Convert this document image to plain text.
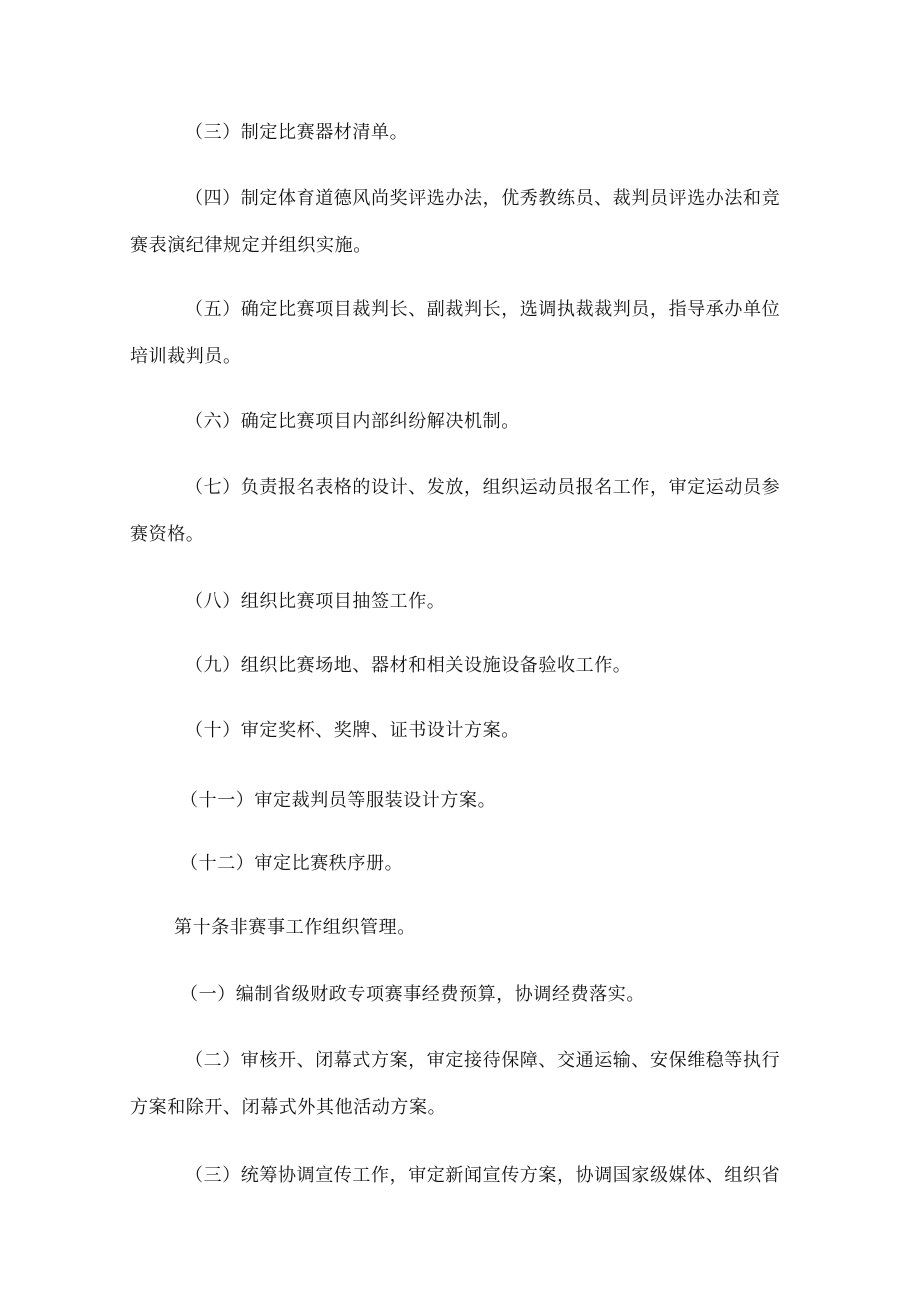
（三）制定比赛器材清单。
（四）制定体育道德风尚奖评选办法，优秀教练员、裁判员评选办法和竞
赛表演纪律规定并组织实施。
（五）确定比赛项目裁判长、副裁判长，选调执裁裁判员，指导承办单位
培训裁判员。
（六）确定比赛项目内部纠纷解决机制。
（七）负责报名表格的设计、发放，组织运动员报名工作，审定运动员参
赛资格。
（八）组织比赛项目抽签工作。
（九）组织比赛场地、器材和相关设施设备验收工作。
（十）审定奖杯、奖牌、证书设计方案。
（十一）审定裁判员等服装设计方案。
（十二）审定比赛秩序册。
第十条非赛事工作组织管理。
（一）编制省级财政专项赛事经费预算，协调经费落实。
（二）审核开、闭幕式方案，审定接待保障、交通运输、安保维稳等执行
方案和除开、闭幕式外其他活动方案。
（三）统筹协调宣传工作，审定新闻宣传方案，协调国家级媒体、组织省
